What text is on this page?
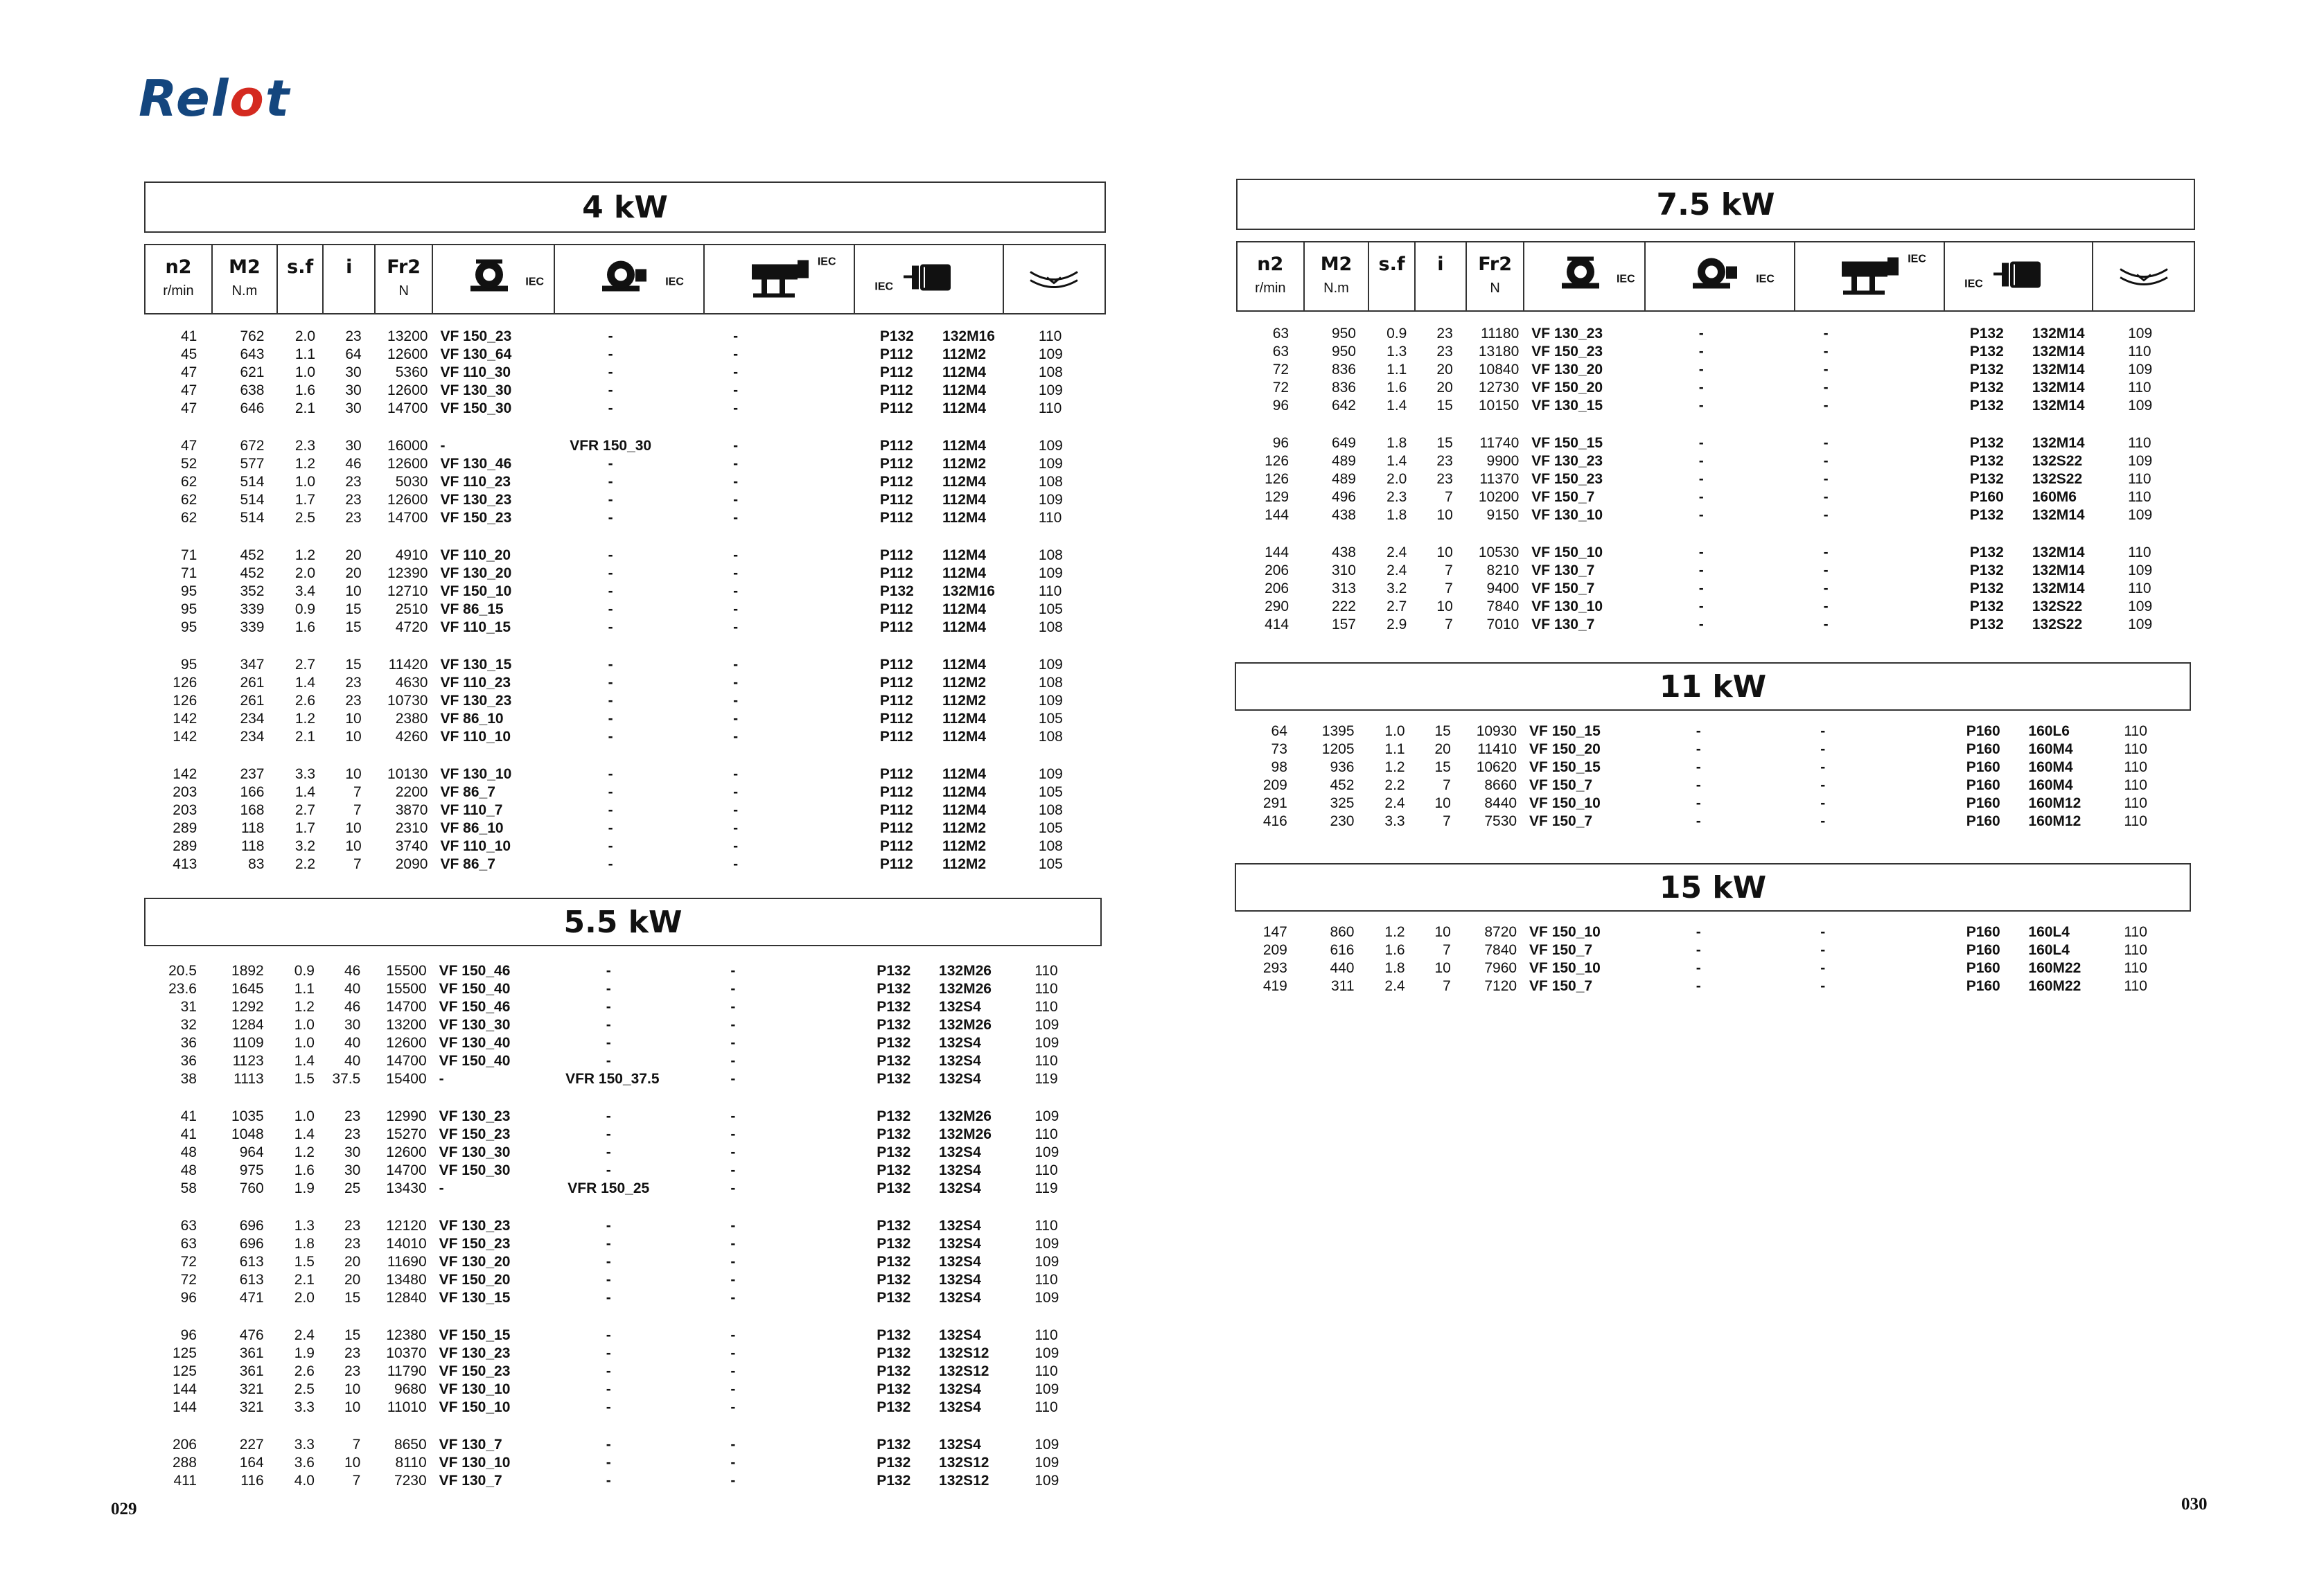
Relot
029	030
4 kW
n2
r/min
M2
N.m
s.f	i	Fr2
N
IEC	IEC
IEC
IEC
41	762	2.0	23	13200 VF 150_23	-	-	P132	132M16	110
45	643	1.1	64	12600 VF 130_64	-	-	P112	112M2	109
47	621	1.0	30	5360 VF 110_30	-	-	P112	112M4	108
47	638	1.6	30	12600 VF 130_30	-	-	P112	112M4	109
47	646	2.1	30	14700 VF 150_30	-	-	P112	112M4	110
47	672	2.3	30	16000 -	VFR 150_30	-	P112	112M4	109
52	577	1.2	46	12600 VF 130_46	-	-	P112	112M2	109
62	514	1.0	23	5030 VF 110_23	-	-	P112	112M4	108
62	514	1.7	23	12600 VF 130_23	-	-	P112	112M4	109
62	514	2.5	23	14700 VF 150_23	-	-	P112	112M4	110
71	452	1.2	20	4910 VF 110_20	-	-	P112	112M4	108
71	452	2.0	20	12390 VF 130_20	-	-	P112	112M4	109
95	352	3.4	10	12710 VF 150_10	-	-	P132	132M16	110
95	339	0.9	15	2510 VF 86_15	-	-	P112	112M4	105
95	339	1.6	15	4720 VF 110_15	-	-	P112	112M4	108
95	347	2.7	15	11420 VF 130_15	-	-	P112	112M4	109
126	261	1.4	23	4630 VF 110_23	-	-	P112	112M2	108
126	261	2.6	23	10730 VF 130_23	-	-	P112	112M2	109
142	234	1.2	10	2380 VF 86_10	-	-	P112	112M4	105
142	234	2.1	10	4260 VF 110_10	-	-	P112	112M4	108
142	237	3.3	10	10130 VF 130_10	-	-	P112	112M4	109
203	166	1.4	7	2200 VF 86_7	-	-	P112	112M4	105
203	168	2.7	7	3870 VF 110_7	-	-	P112	112M4	108
289	118	1.7	10	2310 VF 86_10	-	-	P112	112M2	105
289	118	3.2	10	3740 VF 110_10	-	-	P112	112M2	108
413	83	2.2	7	2090 VF 86_7	-	-	P112	112M2	105
5.5 kW
20.5	1892	0.9	46	15500 VF 150_46	-	-	P132	132M26	110
23.6	1645	1.1	40	15500 VF 150_40	-	-	P132	132M26	110
31	1292	1.2	46	14700 VF 150_46	-	-	P132	132S4	110
32	1284	1.0	30	13200 VF 130_30	-	-	P132	132M26	109
36	1109	1.0	40	12600 VF 130_40	-	-	P132	132S4	109
36	1123	1.4	40	14700 VF 150_40	-	-	P132	132S4	110
38	1113	1.5	37.5	15400 -	VFR 150_37.5	-	P132	132S4	119
41	1035	1.0	23	12990 VF 130_23	-	-	P132	132M26	109
41	1048	1.4	23	15270 VF 150_23	-	-	P132	132M26	110
48	964	1.2	30	12600 VF 130_30	-	-	P132	132S4	109
48	975	1.6	30	14700 VF 150_30	-	-	P132	132S4	110
58	760	1.9	25	13430 -	VFR 150_25	-	P132	132S4	119
63	696	1.3	23	12120 VF 130_23	-	-	P132	132S4	110
63	696	1.8	23	14010 VF 150_23	-	-	P132	132S4	109
72	613	1.5	20	11690 VF 130_20	-	-	P132	132S4	109
72	613	2.1	20	13480 VF 150_20	-	-	P132	132S4	110
96	471	2.0	15	12840 VF 130_15	-	-	P132	132S4	109
96	476	2.4	15	12380 VF 150_15	-	-	P132	132S4	110
125	361	1.9	23	10370 VF 130_23	-	-	P132	132S12	109
125	361	2.6	23	11790 VF 150_23	-	-	P132	132S12	110
144	321	2.5	10	9680 VF 130_10	-	-	P132	132S4	109
144	321	3.3	10	11010 VF 150_10	-	-	P132	132S4	110
206	227	3.3	7	8650 VF 130_7	-	-	P132	132S4	109
288	164	3.6	10	8110 VF 130_10	-	-	P132	132S12	109
411	116	4.0	7	7230 VF 130_7	-	-	P132	132S12	109
7.5 kW
n2
r/min
M2
N.m
s.f	i	Fr2
N
IEC	IEC
IEC
IEC
63	950	0.9	23	11180 VF 130_23	-	-	P132	132M14	109
63	950	1.3	23	13180 VF 150_23	-	-	P132	132M14	110
72	836	1.1	20	10840 VF 130_20	-	-	P132	132M14	109
72	836	1.6	20	12730 VF 150_20	-	-	P132	132M14	110
96	642	1.4	15	10150 VF 130_15	-	-	P132	132M14	109
96	649	1.8	15	11740 VF 150_15	-	-	P132	132M14	110
126	489	1.4	23	9900 VF 130_23	-	-	P132	132S22	109
126	489	2.0	23	11370 VF 150_23	-	-	P132	132S22	110
129	496	2.3	7	10200 VF 150_7	-	-	P160	160M6	110
144	438	1.8	10	9150 VF 130_10	-	-	P132	132M14	109
144	438	2.4	10	10530 VF 150_10	-	-	P132	132M14	110
206	310	2.4	7	8210 VF 130_7	-	-	P132	132M14	109
206	313	3.2	7	9400 VF 150_7	-	-	P132	132M14	110
290	222	2.7	10	7840 VF 130_10	-	-	P132	132S22	109
414	157	2.9	7	7010 VF 130_7	-	-	P132	132S22	109
11 kW
64	1395	1.0	15	10930 VF 150_15	-	-	P160	160L6	110
73	1205	1.1	20	11410 VF 150_20	-	-	P160	160M4	110
98	936	1.2	15	10620 VF 150_15	-	-	P160	160M4	110
209	452	2.2	7	8660 VF 150_7	-	-	P160	160M4	110
291	325	2.4	10	8440 VF 150_10	-	-	P160	160M12	110
416	230	3.3	7	7530 VF 150_7	-	-	P160	160M12	110
15 kW
147	860	1.2	10	8720 VF 150_10	-	-	P160	160L4	110
209	616	1.6	7	7840 VF 150_7	-	-	P160	160L4	110
293	440	1.8	10	7960 VF 150_10	-	-	P160	160M22	110
419	311	2.4	7	7120 VF 150_7	-	-	P160	160M22	110
